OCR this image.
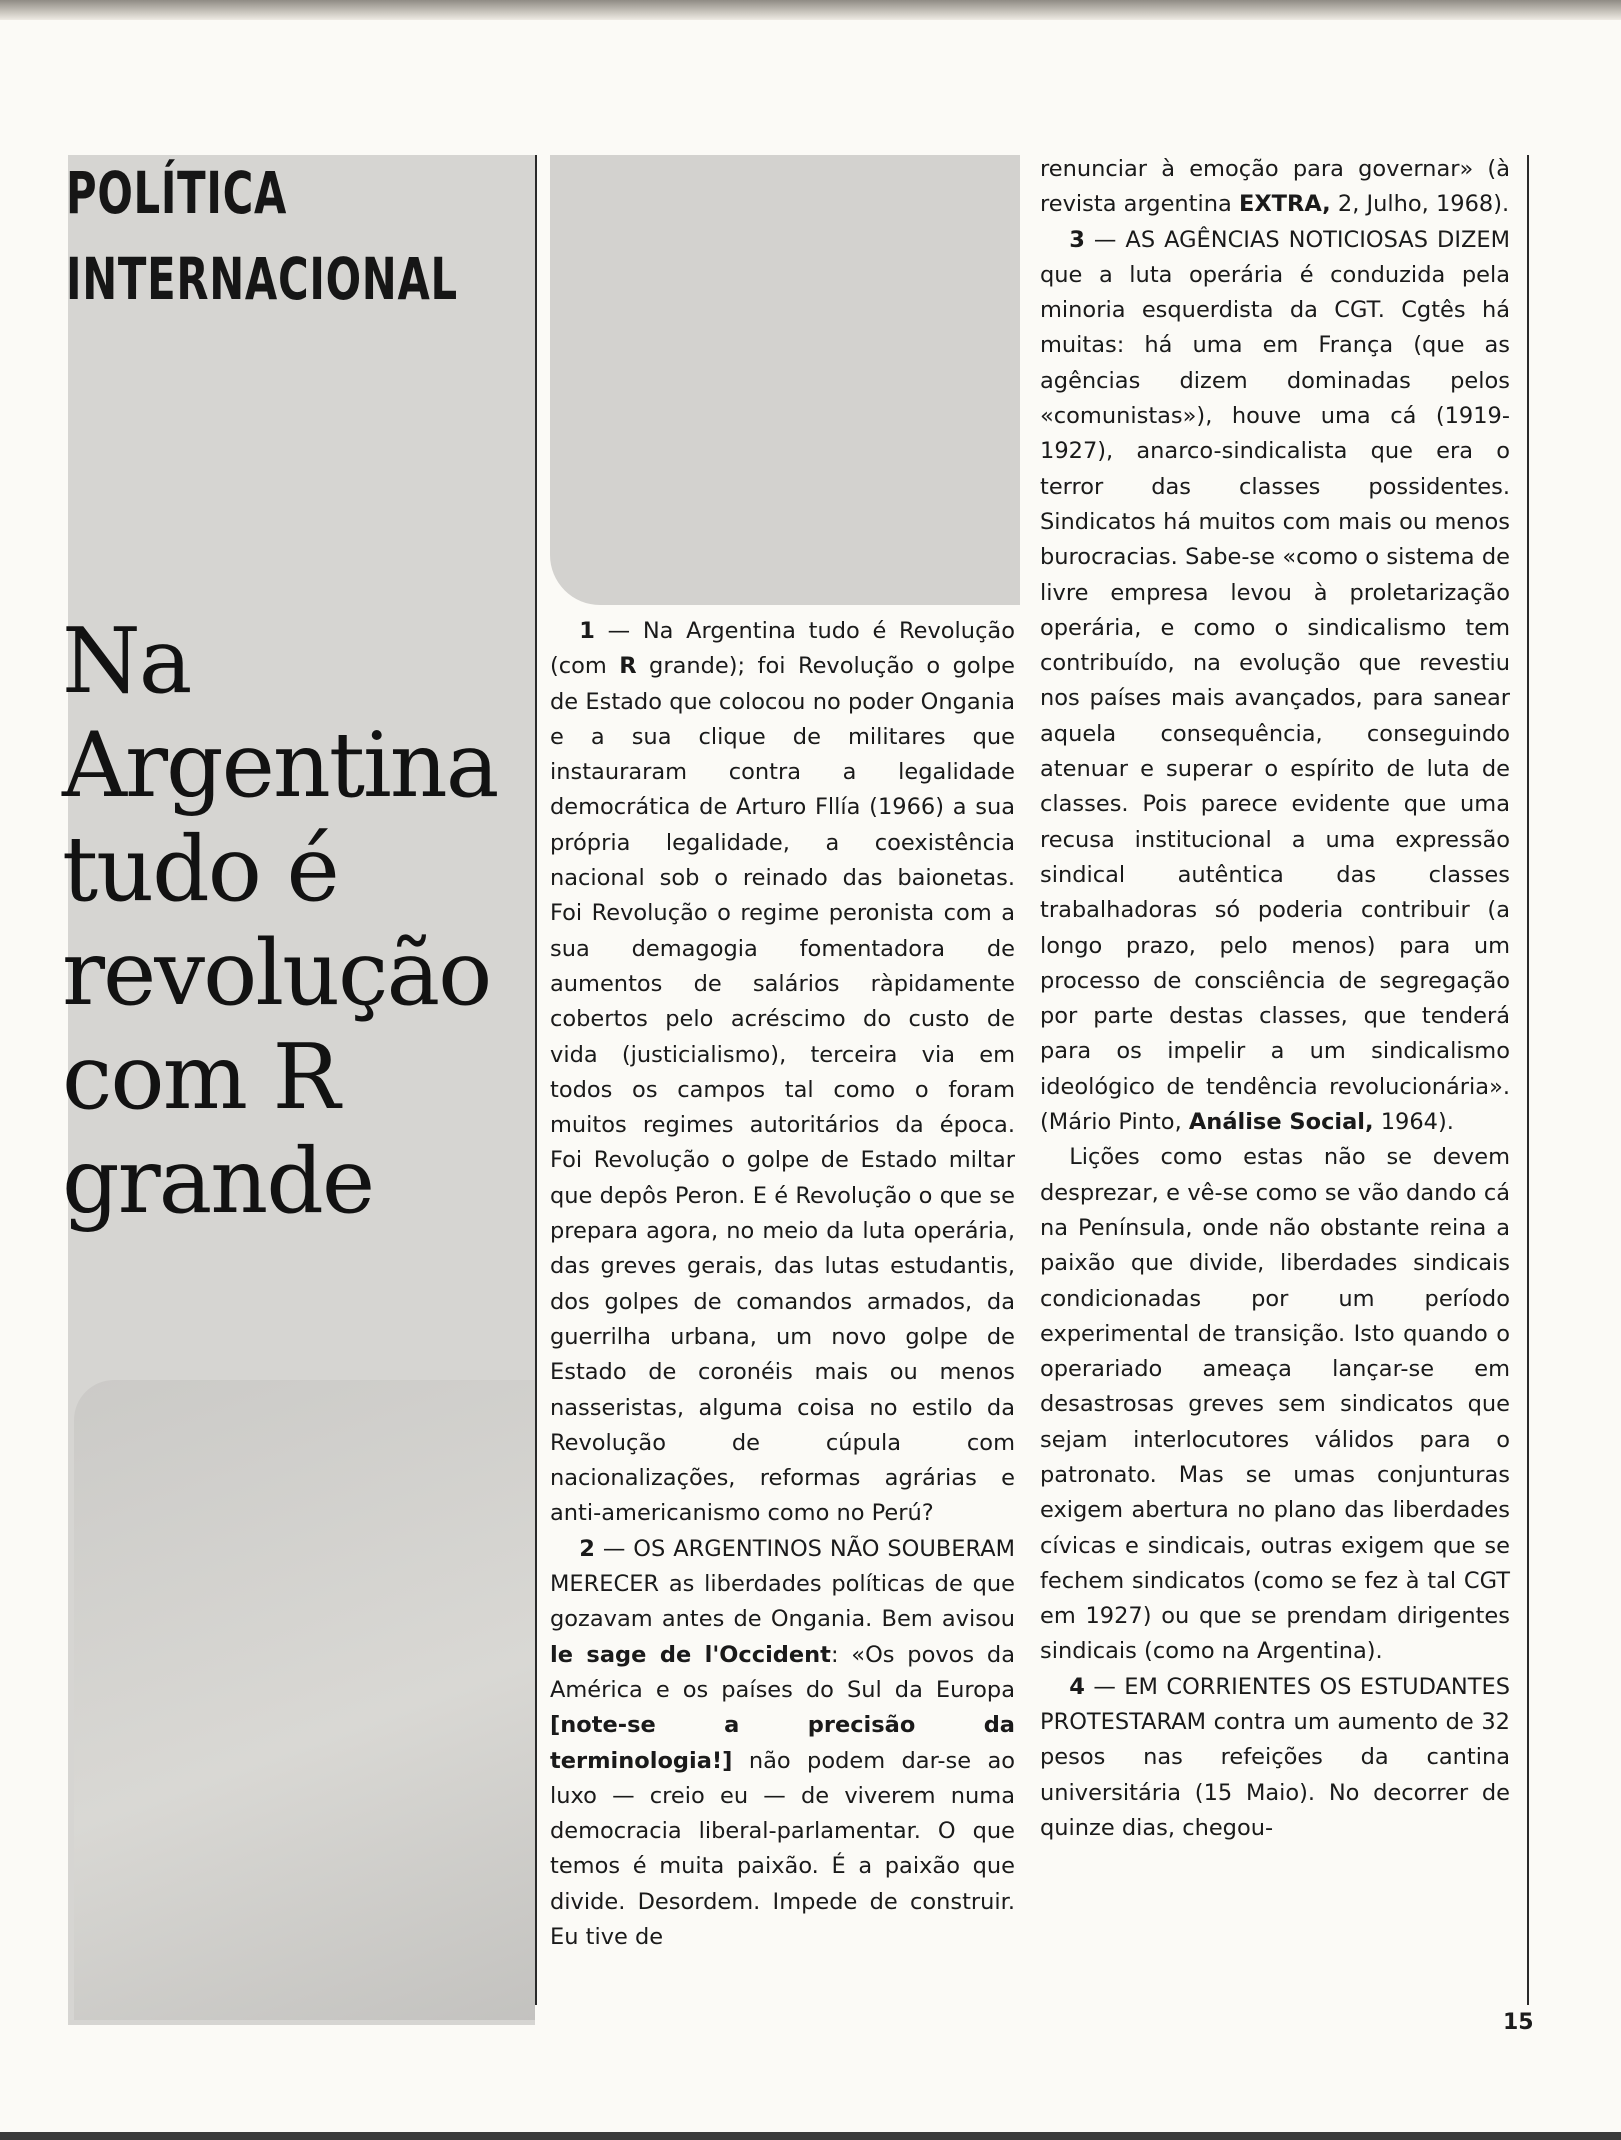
POLÍTICA
INTERNACIONAL
Na Argentina tudo é revolução com R grande

1 — Na Argentina tudo é Revolução (com R grande); foi Revolução o golpe de Estado que colocou no poder Ongania e a sua clique de militares que instauraram contra a legalidade democrática de Arturo Fllía (1966) a sua própria legalidade, a coexistência nacional sob o reinado das baionetas. Foi Revolução o regime peronista com a sua demagogia fomentadora de aumentos de salários ràpidamente cobertos pelo acréscimo do custo de vida (justicialismo), terceira via em todos os campos tal como o foram muitos regimes autoritários da época. Foi Revolução o golpe de Estado miltar que depôs Peron. E é Revolução o que se prepara agora, no meio da luta operária, das greves gerais, das lutas estudantis, dos golpes de comandos armados, da guerrilha urbana, um novo golpe de Estado de coronéis mais ou menos nasseristas, alguma coisa no estilo da Revolução de cúpula com nacionalizações, reformas agrárias e anti-americanismo como no Perú?

2 — OS ARGENTINOS NÃO SOUBERAM MERECER as liberdades políticas de que gozavam antes de Ongania. Bem avisou le sage de l'Occident: «Os povos da América e os países do Sul da Europa [note-se a precisão da terminologia!] não podem dar-se ao luxo — creio eu — de viverem numa democracia liberal-parlamentar. O que temos é muita paixão. É a paixão que divide. Desordem. Impede de construir. Eu tive de

renunciar à emoção para governar» (à revista argentina EXTRA, 2, Julho, 1968).

3 — AS AGÊNCIAS NOTICIOSAS DIZEM que a luta operária é conduzida pela minoria esquerdista da CGT. Cgtês há muitas: há uma em França (que as agências dizem dominadas pelos «comunistas»), houve uma cá (1919-1927), anarco-sindicalista que era o terror das classes possidentes. Sindicatos há muitos com mais ou menos burocracias. Sabe-se «como o sistema de livre empresa levou à proletarização operária, e como o sindicalismo tem contribuído, na evolução que revestiu nos países mais avançados, para sanear aquela consequência, conseguindo atenuar e superar o espírito de luta de classes. Pois parece evidente que uma recusa institucional a uma expressão sindical autêntica das classes trabalhadoras só poderia contribuir (a longo prazo, pelo menos) para um processo de consciência de segregação por parte destas classes, que tenderá para os impelir a um sindicalismo ideológico de tendência revolucionária». (Mário Pinto, Análise Social, 1964).

Lições como estas não se devem desprezar, e vê-se como se vão dando cá na Península, onde não obstante reina a paixão que divide, liberdades sindicais condicionadas por um período experimental de transição. Isto quando o operariado ameaça lançar-se em desastrosas greves sem sindicatos que sejam interlocutores válidos para o patronato. Mas se umas conjunturas exigem abertura no plano das liberdades cívicas e sindicais, outras exigem que se fechem sindicatos (como se fez à tal CGT em 1927) ou que se prendam dirigentes sindicais (como na Argentina).

4 — EM CORRIENTES OS ESTUDANTES PROTESTARAM contra um aumento de 32 pesos nas refeições da cantina universitária (15 Maio). No decorrer de quinze dias, chegou-

15
